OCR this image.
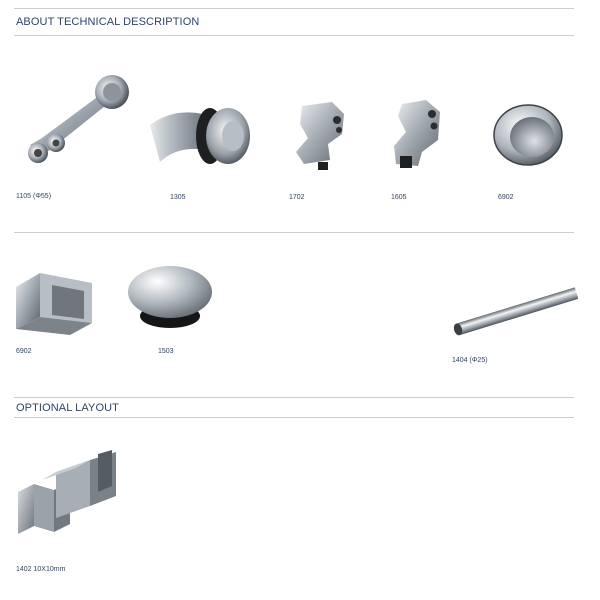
ABOUT TECHNICAL DESCRIPTION
OPTIONAL LAYOUT
1105 (Φ55)	1305	1702	1605	6902
6902	1503
1404 (Φ25)
1402 10X10mm
